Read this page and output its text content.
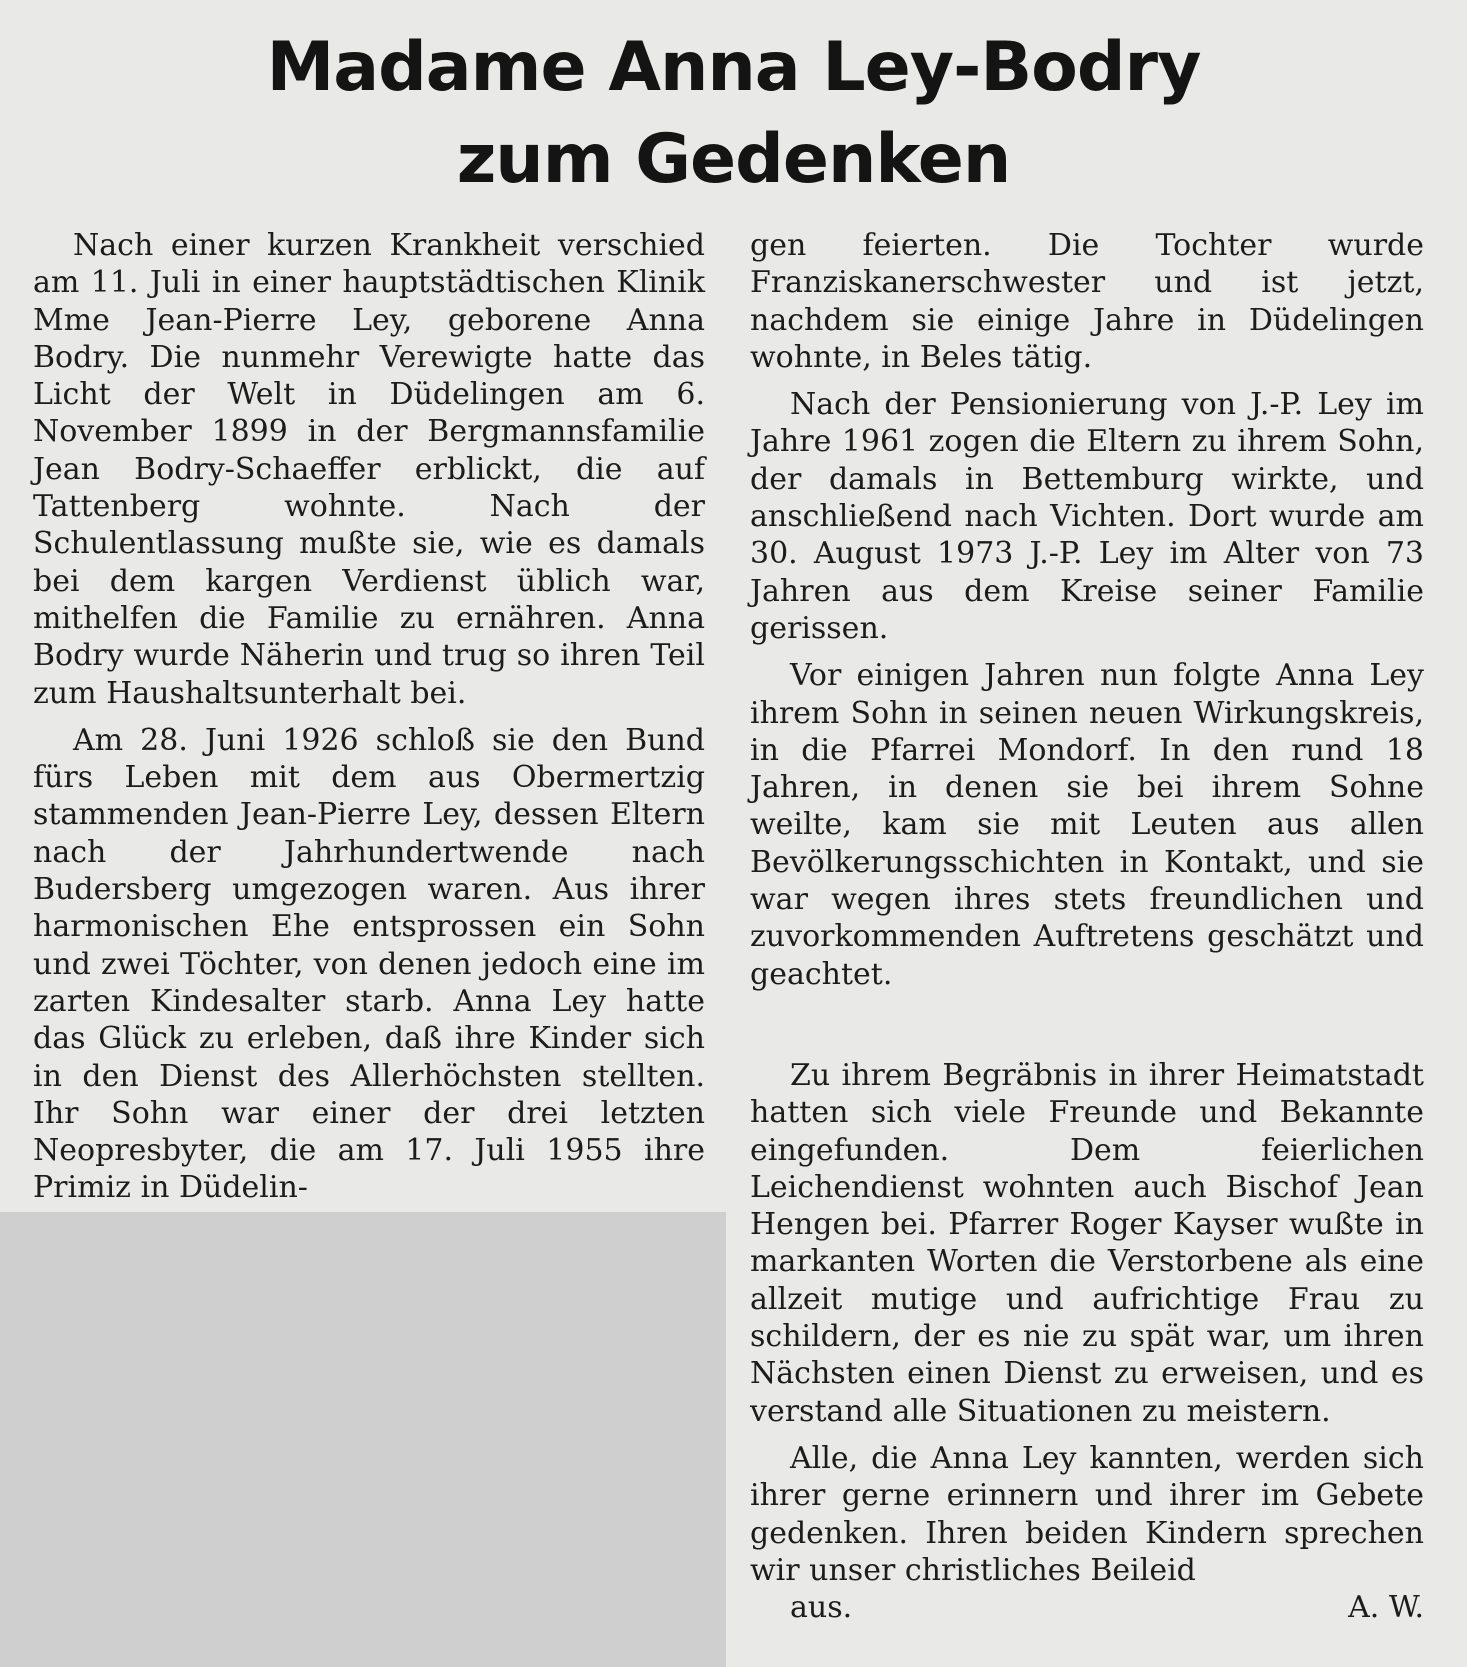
Madame Anna Ley-Bodry
zum Gedenken

Nach einer kurzen Krankheit verschied am 11. Juli in einer hauptstädtischen Klinik Mme Jean-Pierre Ley, geborene Anna Bodry. Die nunmehr Verewigte hatte das Licht der Welt in Düdelingen am 6. November 1899 in der Bergmannsfamilie Jean Bodry-Schaeffer erblickt, die auf Tattenberg wohnte. Nach der Schulentlassung mußte sie, wie es damals bei dem kargen Verdienst üblich war, mithelfen die Familie zu ernähren. Anna Bodry wurde Näherin und trug so ihren Teil zum Haushaltsunterhalt bei.

Am 28. Juni 1926 schloß sie den Bund fürs Leben mit dem aus Obermertzig stammenden Jean-Pierre Ley, dessen Eltern nach der Jahrhundertwende nach Budersberg umgezogen waren. Aus ihrer harmonischen Ehe entsprossen ein Sohn und zwei Töchter, von denen jedoch eine im zarten Kindesalter starb. Anna Ley hatte das Glück zu erleben, daß ihre Kinder sich in den Dienst des Allerhöchsten stellten. Ihr Sohn war einer der drei letzten Neopresbyter, die am 17. Juli 1955 ihre Primiz in Düdelin-

gen feierten. Die Tochter wurde Franziskanerschwester und ist jetzt, nachdem sie einige Jahre in Düdelingen wohnte, in Beles tätig.

Nach der Pensionierung von J.-P. Ley im Jahre 1961 zogen die Eltern zu ihrem Sohn, der damals in Bettemburg wirkte, und anschließend nach Vichten. Dort wurde am 30. August 1973 J.-P. Ley im Alter von 73 Jahren aus dem Kreise seiner Familie gerissen.

Vor einigen Jahren nun folgte Anna Ley ihrem Sohn in seinen neuen Wirkungskreis, in die Pfarrei Mondorf. In den rund 18 Jahren, in denen sie bei ihrem Sohne weilte, kam sie mit Leuten aus allen Bevölkerungsschichten in Kontakt, und sie war wegen ihres stets freundlichen und zuvorkommenden Auftretens geschätzt und geachtet.

Zu ihrem Begräbnis in ihrer Heimatstadt hatten sich viele Freunde und Bekannte eingefunden. Dem feierlichen Leichendienst wohnten auch Bischof Jean Hengen bei. Pfarrer Roger Kayser wußte in markanten Worten die Verstorbene als eine allzeit mutige und aufrichtige Frau zu schildern, der es nie zu spät war, um ihren Nächsten einen Dienst zu erweisen, und es verstand alle Situationen zu meistern.

Alle, die Anna Ley kannten, werden sich ihrer gerne erinnern und ihrer im Gebete gedenken. Ihren beiden Kindern sprechen wir unser christliches Beileid

aus.	A. W.
